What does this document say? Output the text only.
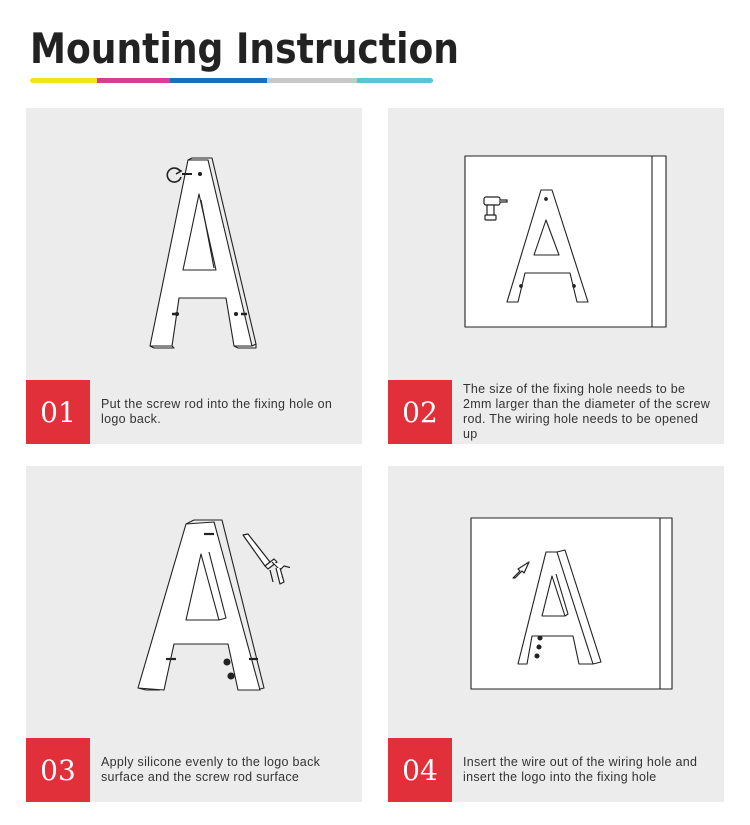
Mounting Instruction
01	Put the screw rod into the fixing hole on logo back.	02
The size of the fixing hole needs to be 2mm larger than the diameter of the screw rod. The wiring hole needs to be opened up
03	Apply silicone evenly to the logo back surface and the screw rod surface	04	Insert the wire out of the wiring hole and insert the logo into the fixing hole
